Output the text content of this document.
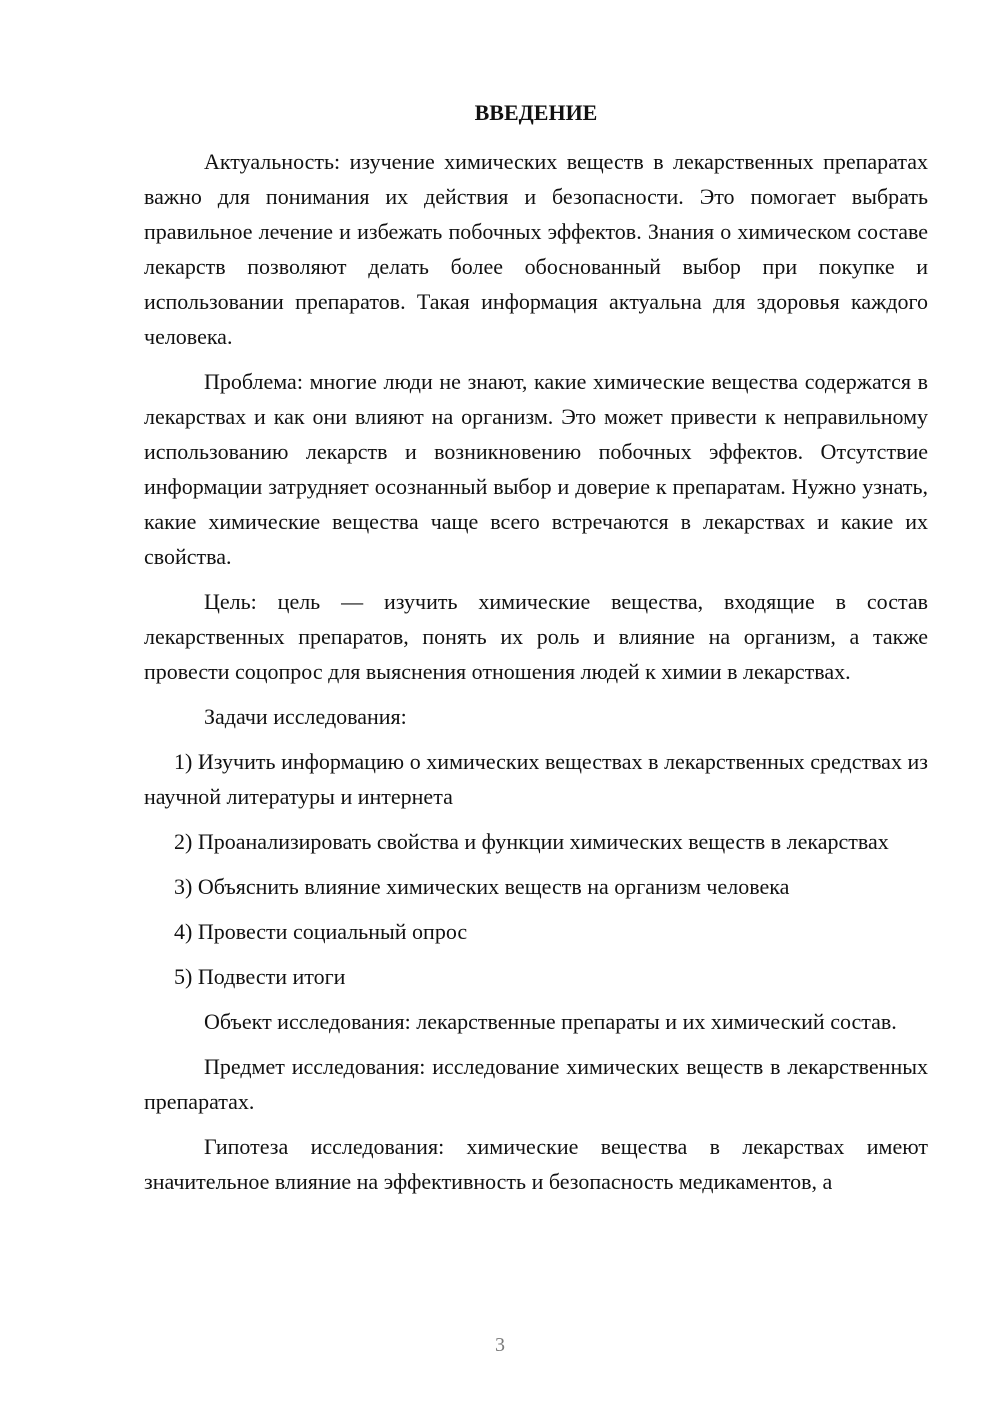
ВВЕДЕНИЕ

Актуальность: изучение химических веществ в лекарственных препаратах важно для понимания их действия и безопасности. Это помогает выбрать правильное лечение и избежать побочных эффектов. Знания о химическом составе лекарств позволяют делать более обоснованный выбор при покупке и использовании препаратов. Такая информация актуальна для здоровья каждого человека.

Проблема: многие люди не знают, какие химические вещества содержатся в лекарствах и как они влияют на организм. Это может привести к неправильному использованию лекарств и возникновению побочных эффектов. Отсутствие информации затрудняет осознанный выбор и доверие к препаратам. Нужно узнать, какие химические вещества чаще всего встречаются в лекарствах и какие их свойства.

Цель: цель — изучить химические вещества, входящие в состав лекарственных препаратов, понять их роль и влияние на организм, а также провести соцопрос для выяснения отношения людей к химии в лекарствах.

Задачи исследования:

1) Изучить информацию о химических веществах в лекарственных средствах из научной литературы и интернета

2) Проанализировать свойства и функции химических веществ в лекарствах

3) Объяснить влияние химических веществ на организм человека

4) Провести социальный опрос

5) Подвести итоги

Объект исследования: лекарственные препараты и их химический состав.

Предмет исследования: исследование химических веществ в лекарственных препаратах.

Гипотеза исследования: химические вещества в лекарствах имеют значительное влияние на эффективность и безопасность медикаментов, а

3
